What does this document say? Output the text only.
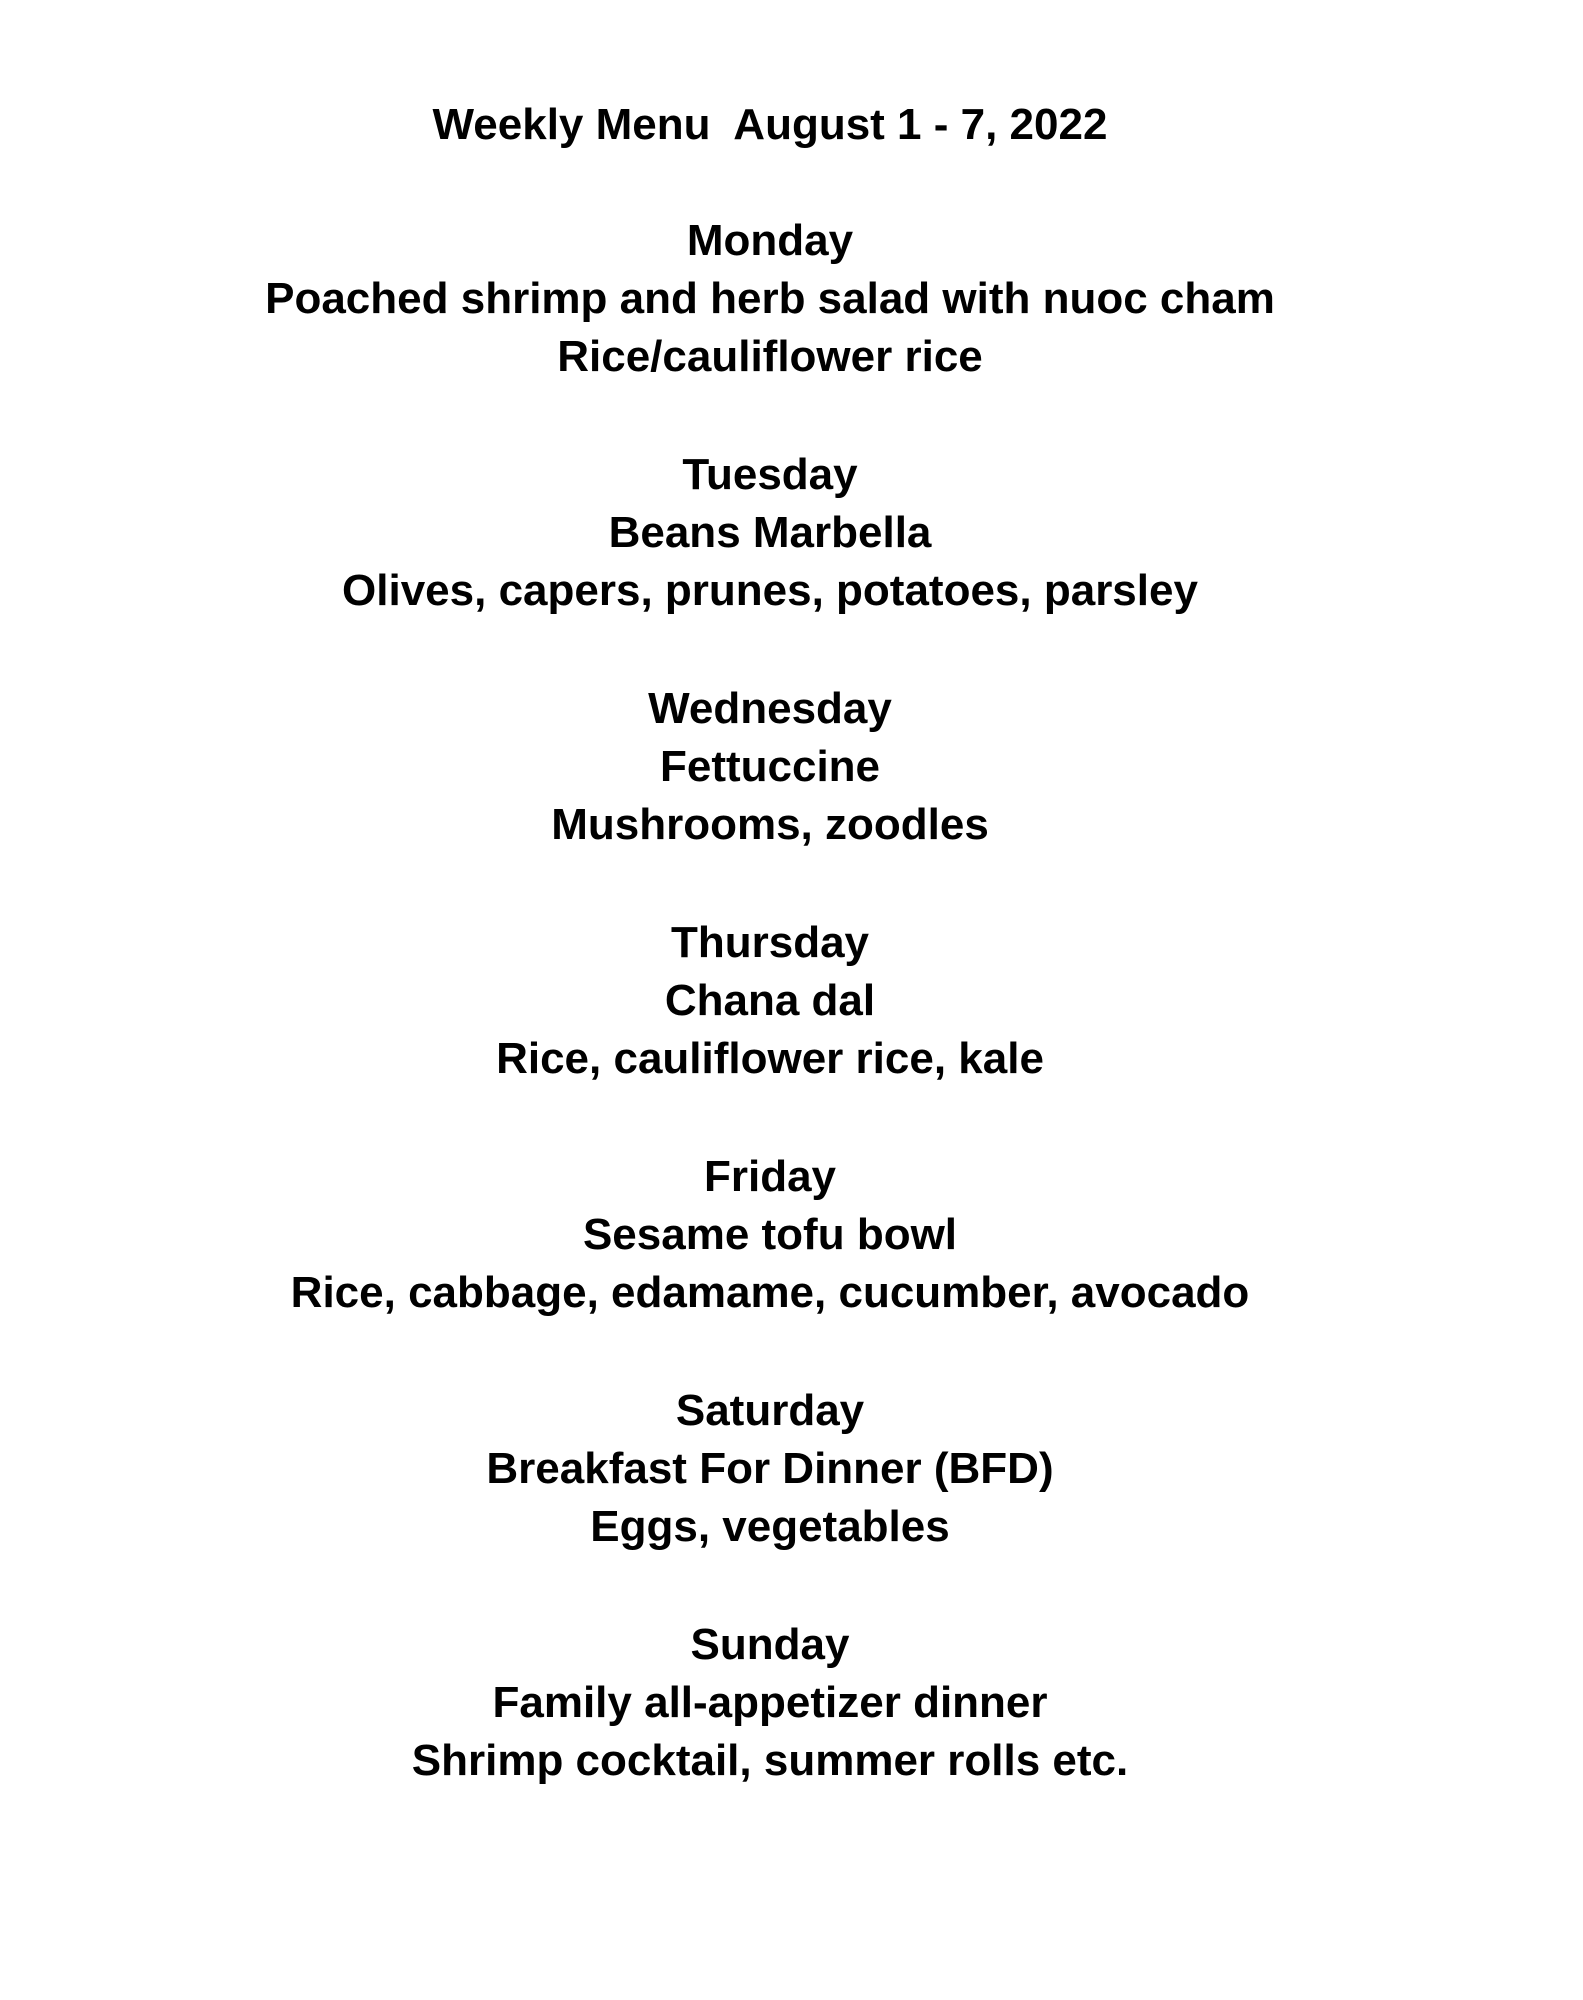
Weekly Menu  August 1 - 7, 2022

Monday

Poached shrimp and herb salad with nuoc cham

Rice/cauliflower rice

Tuesday

Beans Marbella

Olives, capers, prunes, potatoes, parsley

Wednesday

Fettuccine

Mushrooms, zoodles

Thursday

Chana dal

Rice, cauliflower rice, kale

Friday

Sesame tofu bowl

Rice, cabbage, edamame, cucumber, avocado

Saturday

Breakfast For Dinner (BFD)

Eggs, vegetables

Sunday

Family all-appetizer dinner

Shrimp cocktail, summer rolls etc.
